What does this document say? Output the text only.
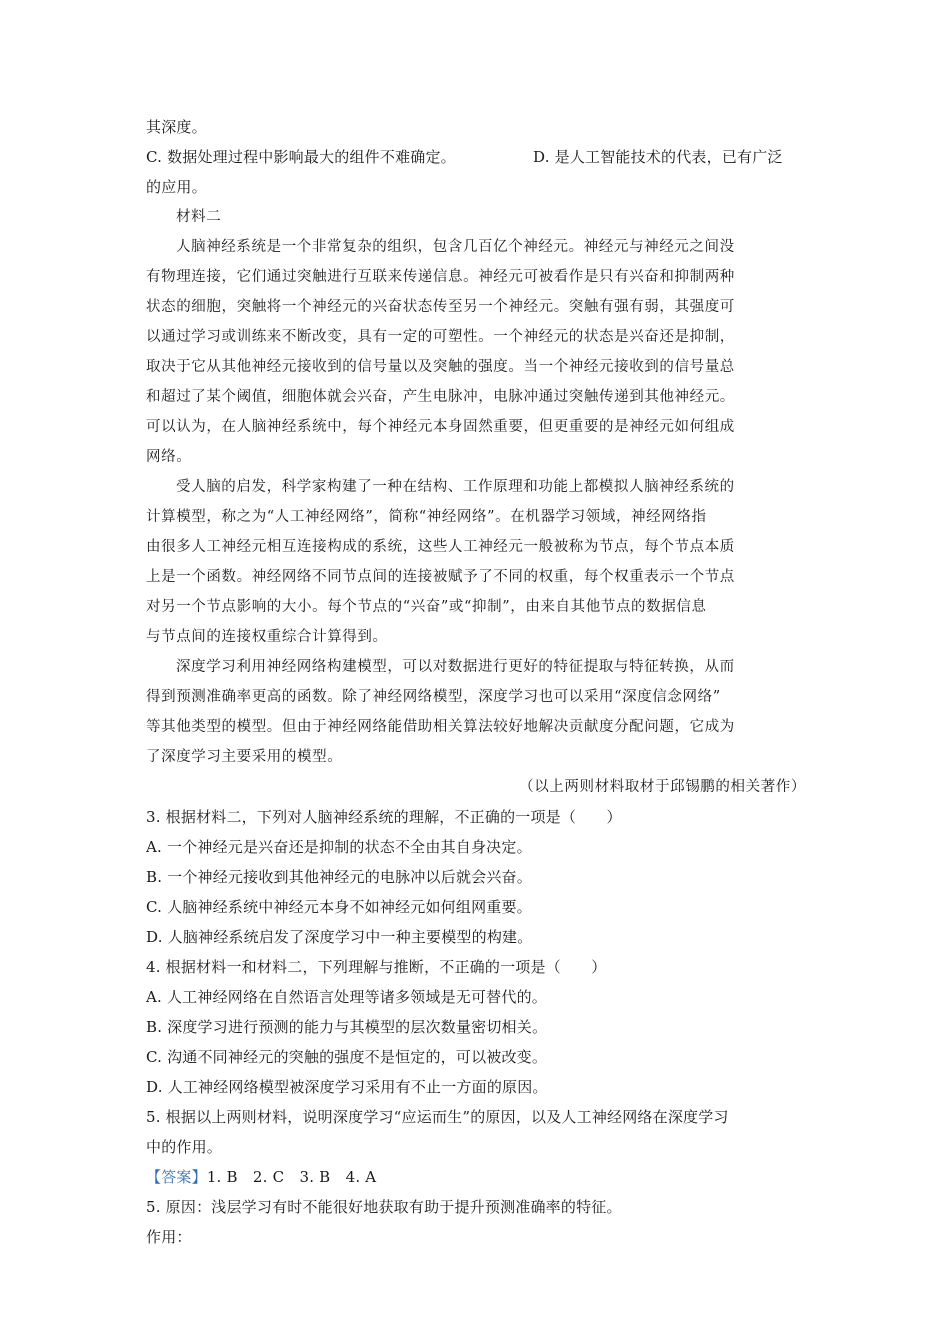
其深度。
C. 数据处理过程中影响最大的组件不难确定。	D. 是人工智能技术的代表，已有广泛
的应用。
材料二
人脑神经系统是一个非常复杂的组织，包含几百亿个神经元。神经元与神经元之间没
有物理连接，它们通过突触进行互联来传递信息。神经元可被看作是只有兴奋和抑制两种
状态的细胞，突触将一个神经元的兴奋状态传至另一个神经元。突触有强有弱，其强度可
以通过学习或训练来不断改变，具有一定的可塑性。一个神经元的状态是兴奋还是抑制，
取决于它从其他神经元接收到的信号量以及突触的强度。当一个神经元接收到的信号量总
和超过了某个阈值，细胞体就会兴奋，产生电脉冲，电脉冲通过突触传递到其他神经元。
可以认为，在人脑神经系统中，每个神经元本身固然重要，但更重要的是神经元如何组成
网络。
受人脑的启发，科学家构建了一种在结构、工作原理和功能上都模拟人脑神经系统的
计算模型，称之为“人工神经网络”，简称“神经网络”。在机器学习领域，神经网络指
由很多人工神经元相互连接构成的系统，这些人工神经元一般被称为节点，每个节点本质
上是一个函数。神经网络不同节点间的连接被赋予了不同的权重，每个权重表示一个节点
对另一个节点影响的大小。每个节点的“兴奋”或“抑制”，由来自其他节点的数据信息
与节点间的连接权重综合计算得到。
深度学习利用神经网络构建模型，可以对数据进行更好的特征提取与特征转换，从而
得到预测准确率更高的函数。除了神经网络模型，深度学习也可以采用“深度信念网络”
等其他类型的模型。但由于神经网络能借助相关算法较好地解决贡献度分配问题，它成为
了深度学习主要采用的模型。
（以上两则材料取材于邱锡鹏的相关著作）
3. 根据材料二，下列对人脑神经系统的理解，不正确的一项是（　　）
A. 一个神经元是兴奋还是抑制的状态不全由其自身决定。
B. 一个神经元接收到其他神经元的电脉冲以后就会兴奋。
C. 人脑神经系统中神经元本身不如神经元如何组网重要。
D. 人脑神经系统启发了深度学习中一种主要模型的构建。
4. 根据材料一和材料二，下列理解与推断，不正确的一项是（　　）
A. 人工神经网络在自然语言处理等诸多领域是无可替代的。
B. 深度学习进行预测的能力与其模型的层次数量密切相关。
C. 沟通不同神经元的突触的强度不是恒定的，可以被改变。
D. 人工神经网络模型被深度学习采用有不止一方面的原因。
5. 根据以上两则材料，说明深度学习“应运而生”的原因，以及人工神经网络在深度学习
中的作用。
【答案】1. B　2. C　3. B　4. A
5. 原因：浅层学习有时不能很好地获取有助于提升预测准确率的特征。
作用：
